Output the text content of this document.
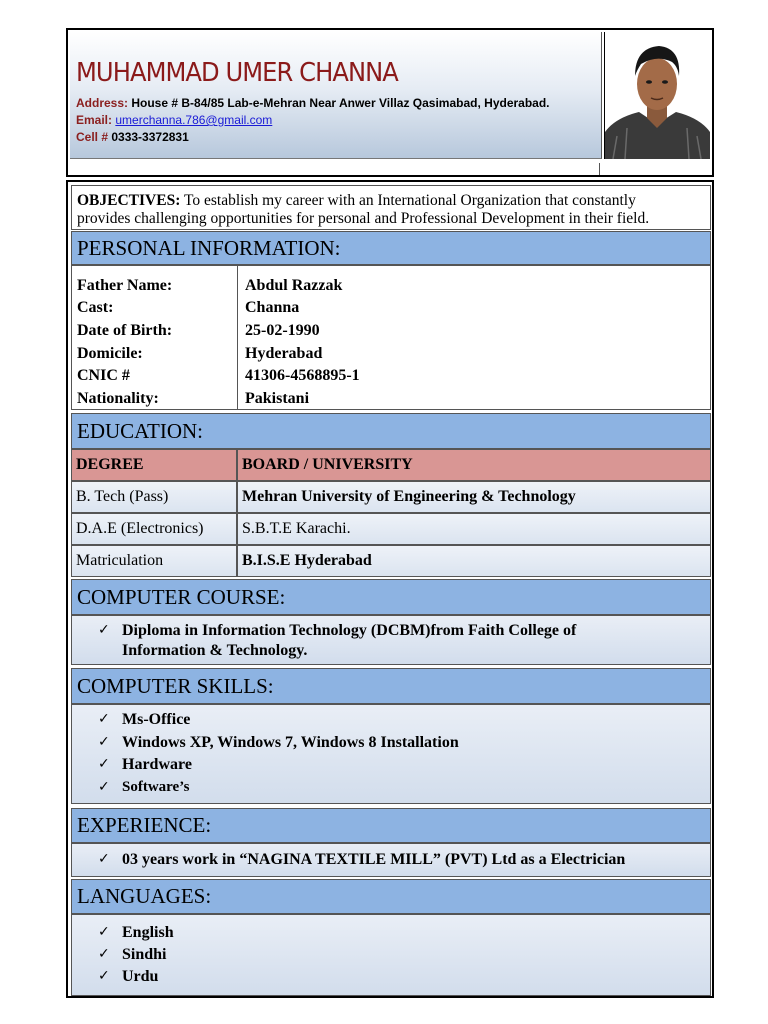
MUHAMMAD UMER CHANNA
Address: House # B-84/85 Lab-e-Mehran Near Anwer Villaz Qasimabad, Hyderabad.
Email: umerchanna.786@gmail.com
Cell # 0333-3372831
OBJECTIVES: To establish my career with an International Organization that constantly
provides challenging opportunities for personal and Professional Development in their field.
PERSONAL INFORMATION:
Father Name:	Abdul Razzak
Cast:	Channa
Date of Birth:	25-02-1990
Domicile:	Hyderabad
CNIC #	41306-4568895-1
Nationality:	Pakistani
EDUCATION:
DEGREE	BOARD / UNIVERSITY
B. Tech (Pass)	Mehran University of Engineering & Technology
D.A.E (Electronics)	S.B.T.E Karachi.
Matriculation	B.I.S.E Hyderabad
COMPUTER COURSE:
✓ Diploma in Information Technology (DCBM)from Faith College of
Information & Technology.
COMPUTER SKILLS:
✓ Ms-Office
✓ Windows XP, Windows 7, Windows 8 Installation
✓ Hardware
✓ Software’s
EXPERIENCE:
✓ 03 years work in “NAGINA TEXTILE MILL” (PVT) Ltd as a Electrician
LANGUAGES:
✓ English
✓ Sindhi
✓ Urdu
